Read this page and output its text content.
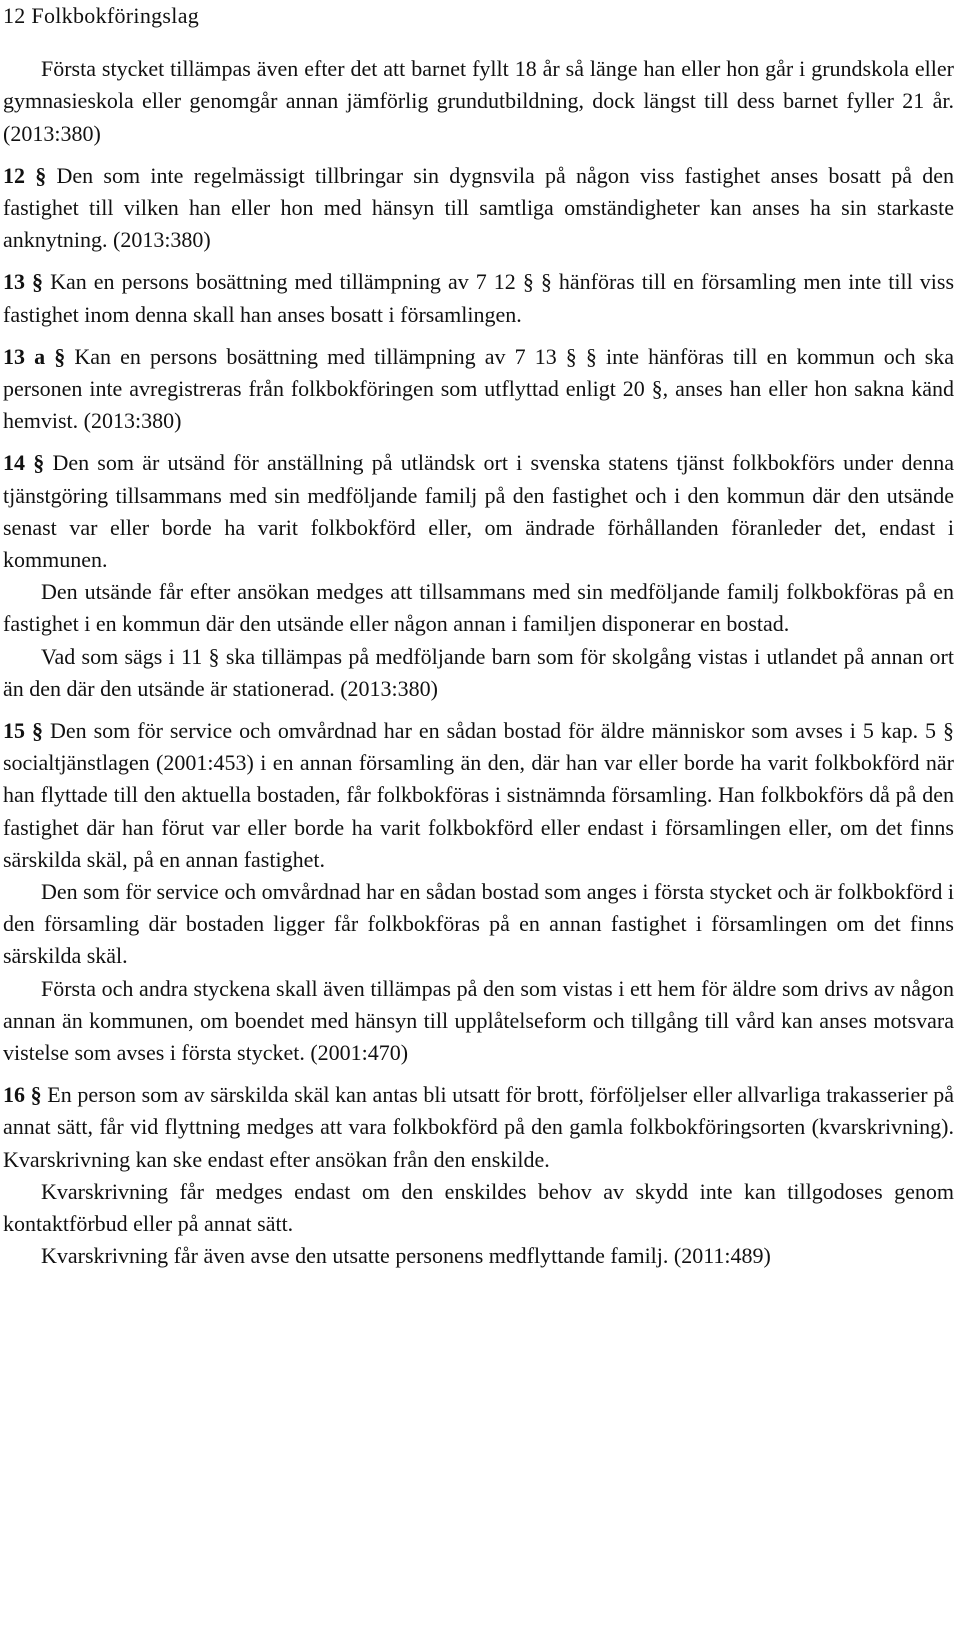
12 Folkbokföringslag

Första stycket tillämpas även efter det att barnet fyllt 18 år så länge han eller hon går i grundskola eller gymnasieskola eller genomgår annan jämförlig grundutbildning, dock längst till dess barnet fyller 21 år. (2013:380)

12 § Den som inte regelmässigt tillbringar sin dygnsvila på någon viss fastighet anses bosatt på den fastighet till vilken han eller hon med hänsyn till samtliga omständigheter kan anses ha sin starkaste anknytning. (2013:380)

13 § Kan en persons bosättning med tillämpning av 7 12 § § hänföras till en församling men inte till viss fastighet inom denna skall han anses bosatt i församlingen.

13 a § Kan en persons bosättning med tillämpning av 7 13 § § inte hänföras till en kommun och ska personen inte avregistreras från folkbokföringen som utflyttad enligt 20 §, anses han eller hon sakna känd hemvist. (2013:380)

14 § Den som är utsänd för anställning på utländsk ort i svenska statens tjänst folkbokförs under denna tjänstgöring tillsammans med sin medföljande familj på den fastighet och i den kommun där den utsände senast var eller borde ha varit folkbokförd eller, om ändrade förhållanden föranleder det, endast i kommunen.

Den utsände får efter ansökan medges att tillsammans med sin medföljande familj folkbokföras på en fastighet i en kommun där den utsände eller någon annan i familjen disponerar en bostad.

Vad som sägs i 11 § ska tillämpas på medföljande barn som för skolgång vistas i utlandet på annan ort än den där den utsände är stationerad. (2013:380)

15 § Den som för service och omvårdnad har en sådan bostad för äldre människor som avses i 5 kap. 5 § socialtjänstlagen (2001:453) i en annan församling än den, där han var eller borde ha varit folkbokförd när han flyttade till den aktuella bostaden, får folkbokföras i sistnämnda församling. Han folkbokförs då på den fastighet där han förut var eller borde ha varit folkbokförd eller endast i församlingen eller, om det finns särskilda skäl, på en annan fastighet.

Den som för service och omvårdnad har en sådan bostad som anges i första stycket och är folkbokförd i den församling där bostaden ligger får folkbokföras på en annan fastighet i församlingen om det finns särskilda skäl.

Första och andra styckena skall även tillämpas på den som vistas i ett hem för äldre som drivs av någon annan än kommunen, om boendet med hänsyn till upplåtelseform och tillgång till vård kan anses motsvara vistelse som avses i första stycket. (2001:470)

16 § En person som av särskilda skäl kan antas bli utsatt för brott, förföljelser eller allvarliga trakasserier på annat sätt, får vid flyttning medges att vara folkbokförd på den gamla folkbokföringsorten (kvarskrivning). Kvarskrivning kan ske endast efter ansökan från den enskilde.

Kvarskrivning får medges endast om den enskildes behov av skydd inte kan tillgodoses genom kontaktförbud eller på annat sätt.

Kvarskrivning får även avse den utsatte personens medflyttande familj. (2011:489)
